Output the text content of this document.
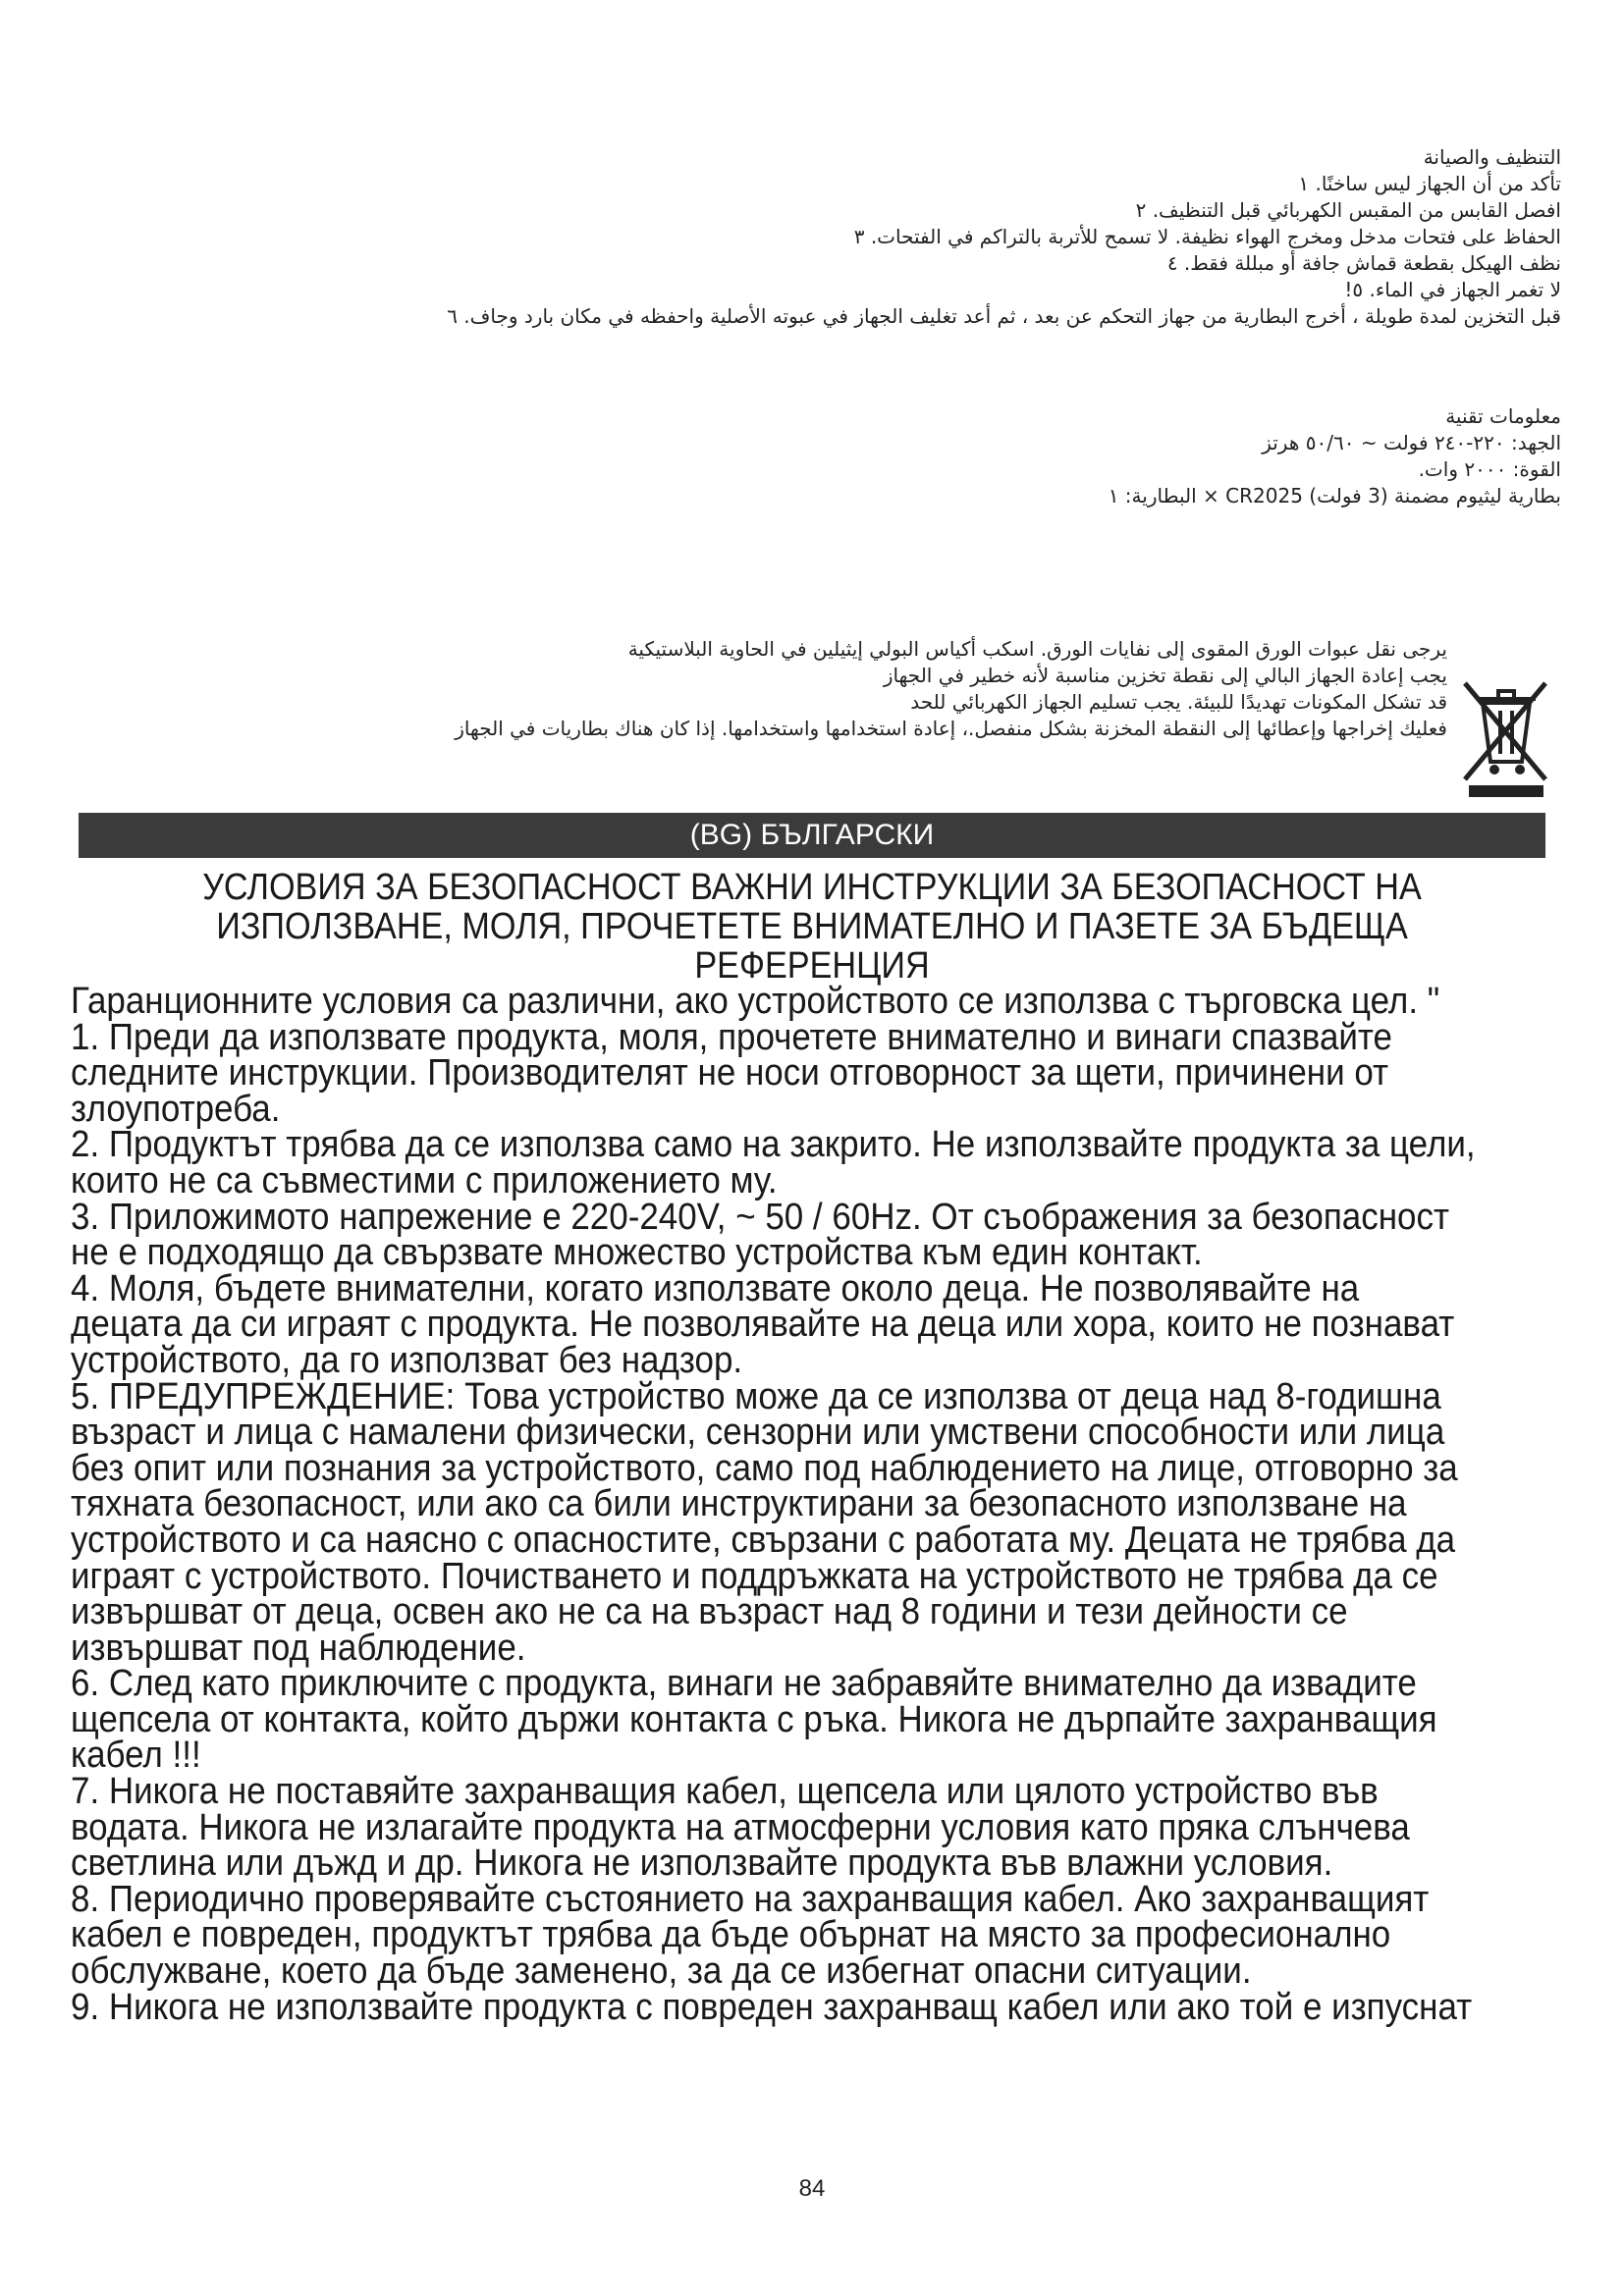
التنظيف والصيانة
تأكد من أن الجهاز ليس ساخنًا. ١
افصل القابس من المقبس الكهربائي قبل التنظيف. ٢
الحفاظ على فتحات مدخل ومخرج الهواء نظيفة. لا تسمح للأتربة بالتراكم في الفتحات. ٣
نظف الهيكل بقطعة قماش جافة أو مبللة فقط. ٤
لا تغمر الجهاز في الماء. ٥!
قبل التخزين لمدة طويلة ، أخرج البطارية من جهاز التحكم عن بعد ، ثم أعد تغليف الجهاز في عبوته الأصلية واحفظه في مكان بارد وجاف. ٦
معلومات تقنية
الجهد: ٢٢٠-٢٤٠ فولت ~ ٥٠/٦٠ هرتز
القوة: ٢٠٠٠ وات.
بطارية ليثيوم مضمنة (3 فولت) CR2025 × البطارية: ١
يرجى نقل عبوات الورق المقوى إلى نفايات الورق. اسكب أكياس البولي إيثيلين في الحاوية البلاستيكية
يجب إعادة الجهاز البالي إلى نقطة تخزين مناسبة لأنه خطير في الجهاز
قد تشكل المكونات تهديدًا للبيئة. يجب تسليم الجهاز الكهربائي للحد
فعليك إخراجها وإعطائها إلى النقطة المخزنة بشكل منفصل.، إعادة استخدامها واستخدامها. إذا كان هناك بطاريات في الجهاز
(BG) БЪЛГАРСКИ
УСЛОВИЯ ЗА БЕЗОПАСНОСТ ВАЖНИ ИНСТРУКЦИИ ЗА БЕЗОПАСНОСТ НА ИЗПОЛЗВАНЕ, МОЛЯ, ПРОЧЕТЕТЕ ВНИМАТЕЛНО И ПАЗЕТЕ ЗА БЪДЕЩА РЕФЕРЕНЦИЯ

Гаранционните условия са различни, ако устройството се използва с търговска цел. "

1. Преди да използвате продукта, моля, прочетете внимателно и винаги спазвайте
следните инструкции. Производителят не носи отговорност за щети, причинени от
злоупотреба.

2. Продуктът трябва да се използва само на закрито. Не използвайте продукта за цели,
които не са съвместими с приложението му.

3. Приложимото напрежение е 220-240V, ~ 50 / 60Hz. От съображения за безопасност
не е подходящо да свързвате множество устройства към един контакт.

4. Моля, бъдете внимателни, когато използвате около деца. Не позволявайте на
децата да си играят с продукта. Не позволявайте на деца или хора, които не познават
устройството, да го използват без надзор.

5. ПРЕДУПРЕЖДЕНИЕ: Това устройство може да се използва от деца над 8-годишна
възраст и лица с намалени физически, сензорни или умствени способности или лица
без опит или познания за устройството, само под наблюдението на лице, отговорно за
тяхната безопасност, или ако са били инструктирани за безопасното използване на
устройството и са наясно с опасностите, свързани с работата му. Децата не трябва да
играят с устройството. Почистването и поддръжката на устройството не трябва да се
извършват от деца, освен ако не са на възраст над 8 години и тези дейности се
извършват под наблюдение.

6. След като приключите с продукта, винаги не забравяйте внимателно да извадите
щепсела от контакта, който държи контакта с ръка. Никога не дърпайте захранващия
кабел !!!

7. Никога не поставяйте захранващия кабел, щепсела или цялото устройство във
водата. Никога не излагайте продукта на атмосферни условия като пряка слънчева
светлина или дъжд и др. Никога не използвайте продукта във влажни условия.

8. Периодично проверявайте състоянието на захранващия кабел. Ако захранващият
кабел е повреден, продуктът трябва да бъде обърнат на място за професионално
обслужване, което да бъде заменено, за да се избегнат опасни ситуации.

9. Никога не използвайте продукта с повреден захранващ кабел или ако той е изпуснат

84
